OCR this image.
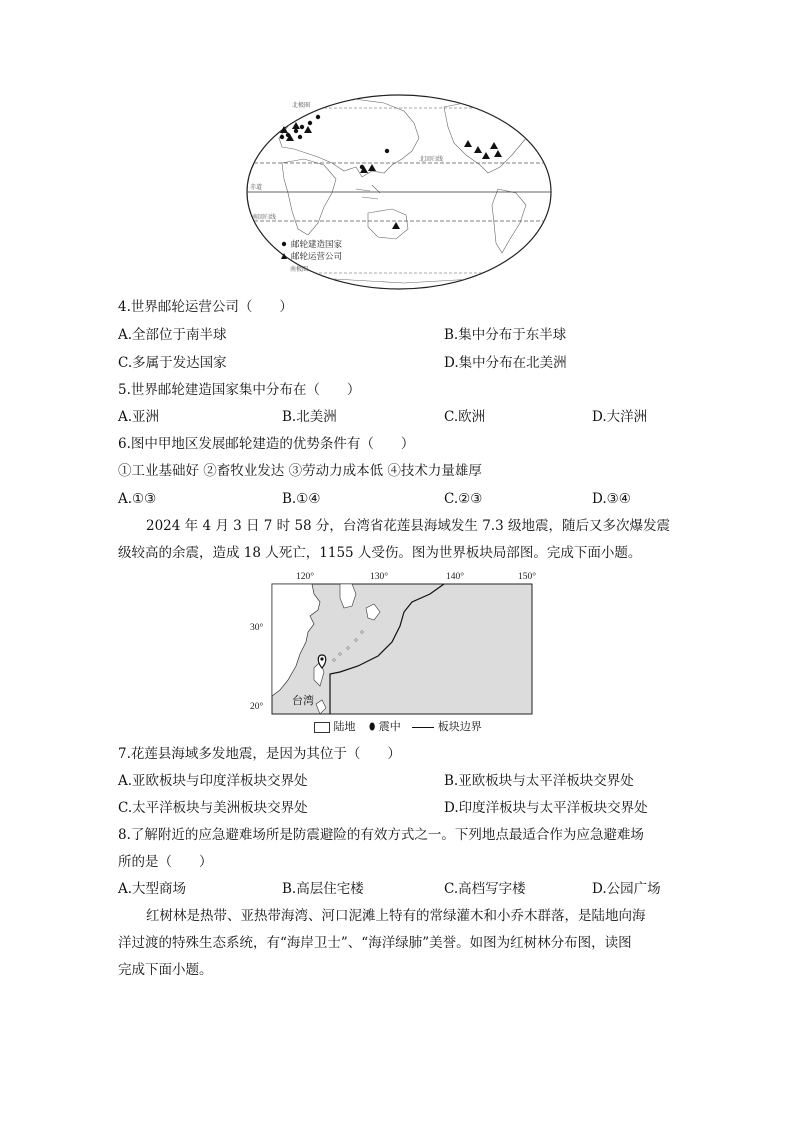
北极圈
北回归线
赤道
南回归线
南极圈
邮轮建造国家
邮轮运营公司
4.世界邮轮运营公司（　　）
A.全部位于南半球	B.集中分布于东半球
C.多属于发达国家	D.集中分布在北美洲
5.世界邮轮建造国家集中分布在（　　）
A.亚洲	B.北美洲	C.欧洲	D.大洋洲
6.图中甲地区发展邮轮建造的优势条件有（　　）
①工业基础好 ②畜牧业发达 ③劳动力成本低 ④技术力量雄厚
A.①③	B.①④	C.②③	D.③④
2024 年 4 月 3 日 7 时 58 分，台湾省花莲县海域发生 7.3 级地震，随后又多次爆发震
级较高的余震，造成 18 人死亡，1155 人受伤。图为世界板块局部图。完成下面小题。
120°	130°	140°	150°
30°
20°	台湾
陆地 ⬮ 震中	板块边界
7.花莲县海域多发地震，是因为其位于（　　）
A.亚欧板块与印度洋板块交界处	B.亚欧板块与太平洋板块交界处
C.太平洋板块与美洲板块交界处	D.印度洋板块与太平洋板块交界处
8.了解附近的应急避难场所是防震避险的有效方式之一。下列地点最适合作为应急避难场
所的是（　　）
A.大型商场	B.高层住宅楼	C.高档写字楼	D.公园广场
红树林是热带、亚热带海湾、河口泥滩上特有的常绿灌木和小乔木群落，是陆地向海
洋过渡的特殊生态系统，有“海岸卫士”、“海洋绿肺”美誉。如图为红树林分布图，读图
完成下面小题。
